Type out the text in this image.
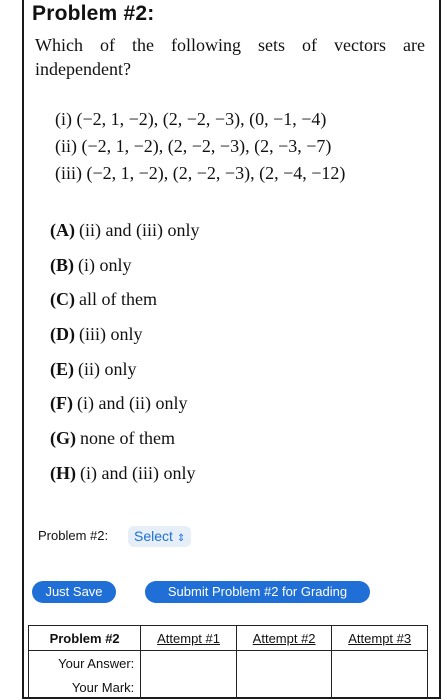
Problem #2:
Which of the following sets of vectors are independent?
(i) (−2, 1, −2), (2, −2, −3), (0, −1, −4)
(ii) (−2, 1, −2), (2, −2, −3), (2, −3, −7)
(iii) (−2, 1, −2), (2, −2, −3), (2, −4, −12)
(A) (ii) and (iii) only
(B) (i) only
(C) all of them
(D) (iii) only
(E) (ii) only
(F) (i) and (ii) only
(G) none of them
(H) (i) and (iii) only
Problem #2:	Select ⇕
Just Save	Submit Problem #2 for Grading
Problem #2	Attempt #1	Attempt #2	Attempt #3
Your Answer:			
Your Mark:			
